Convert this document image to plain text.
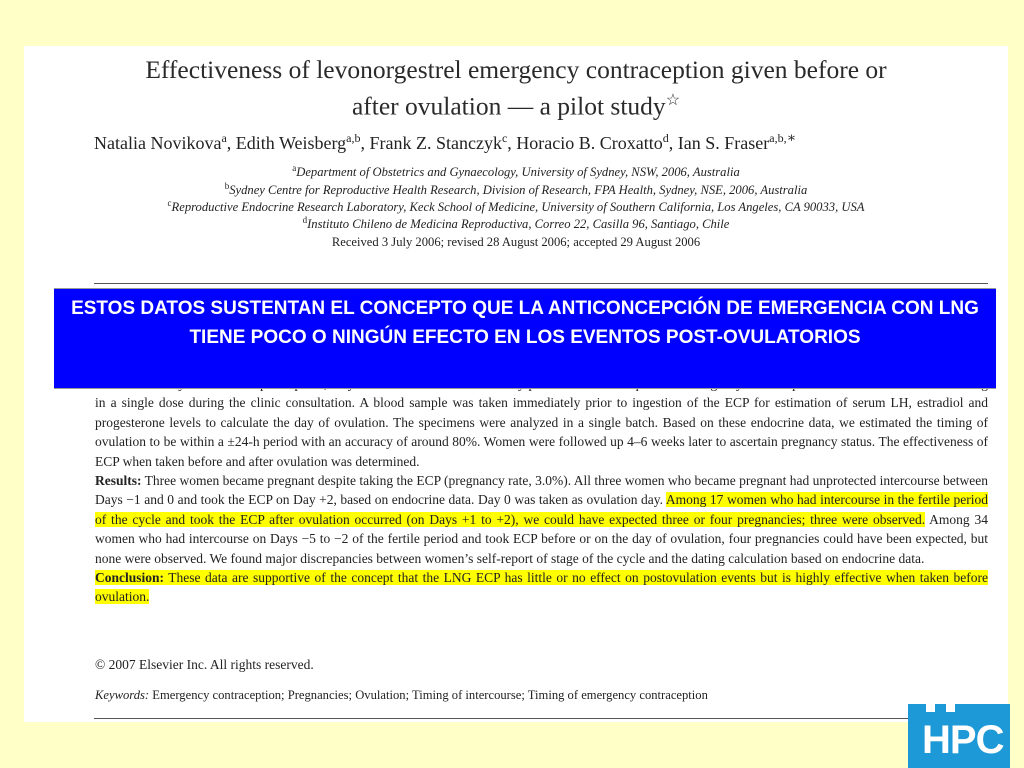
Effectiveness of levonorgestrel emergency contraception given before or
after ovulation — a pilot study☆
Natalia Novikova$^a$, Edith Weisberg$^{a,b}$, Frank Z. Stanczyk$^c$, Horacio B. Croxatto$^d$, Ian S. Fraser$^{a,b,∗}$
$^a$Department of Obstetrics and Gynaecology, University of Sydney, NSW, 2006, Australia
$^b$Sydney Centre for Reproductive Health Research, Division of Research, FPA Health, Sydney, NSE, 2006, Australia
$^c$Reproductive Endocrine Research Laboratory, Keck School of Medicine, University of Southern California, Los Angeles, CA 90033, USA
$^d$Instituto Chileno de Medicina Reproductiva, Correo 22, Casilla 96, Santiago, Chile
Received 3 July 2006; revised 28 August 2006; accepted 29 August 2006

in a single dose during the clinic consultation. A blood sample was taken immediately prior to ingestion of the ECP for estimation of serum LH, estradiol and progesterone levels to calculate the day of ovulation. The specimens were analyzed in a single batch. Based on these endocrine data, we estimated the timing of ovulation to be within a ±24-h period with an accuracy of around 80%. Women were followed up 4–6 weeks later to ascertain pregnancy status. The effectiveness of ECP when taken before and after ovulation was determined.

Results: Three women became pregnant despite taking the ECP (pregnancy rate, 3.0%). All three women who became pregnant had unprotected intercourse between Days −1 and 0 and took the ECP on Day +2, based on endocrine data. Day 0 was taken as ovulation day. Among 17 women who had intercourse in the fertile period of the cycle and took the ECP after ovulation occurred (on Days +1 to +2), we could have expected three or four pregnancies; three were observed. Among 34 women who had intercourse on Days −5 to −2 of the fertile period and took ECP before or on the day of ovulation, four pregnancies could have been expected, but none were observed. We found major discrepancies between women’s self-report of stage of the cycle and the dating calculation based on endocrine data.

Conclusion: These data are supportive of the concept that the LNG ECP has little or no effect on postovulation events but is highly effective when taken before ovulation.

© 2007 Elsevier Inc. All rights reserved.
Keywords: Emergency contraception; Pregnancies; Ovulation; Timing of intercourse; Timing of emergency contraception
ESTOS DATOS SUSTENTAN EL CONCEPTO QUE LA ANTICONCEPCIÓN DE EMERGENCIA CON LNG TIENE POCO O NINGÚN EFECTO EN LOS EVENTOS POST-OVULATORIOS
HPC
